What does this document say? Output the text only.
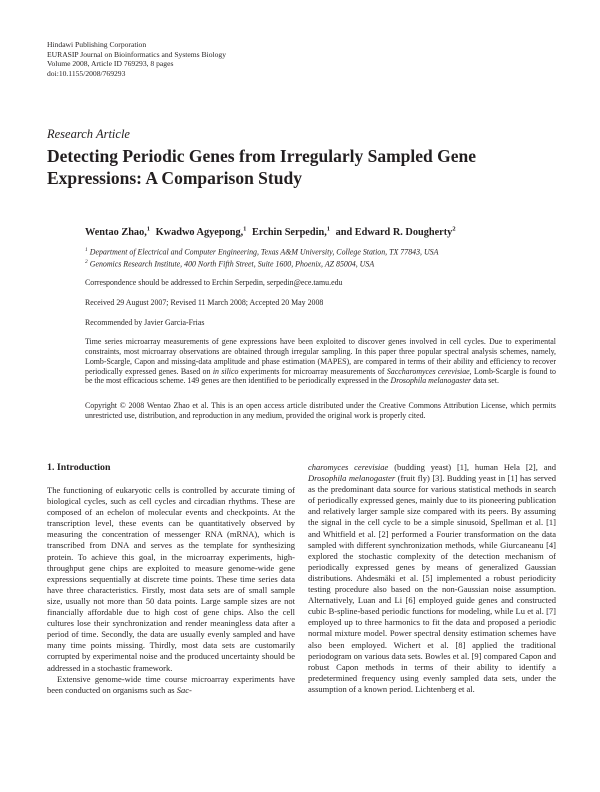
Hindawi Publishing Corporation
EURASIP Journal on Bioinformatics and Systems Biology
Volume 2008, Article ID 769293, 8 pages
doi:10.1155/2008/769293
Research Article
Detecting Periodic Genes from Irregularly Sampled Gene Expressions: A Comparison Study

Wentao Zhao,$^1$ Kwadwo Agyepong,$^1$ Erchin Serpedin,$^1$ and Edward R. Dougherty$^2$

$^1$ Department of Electrical and Computer Engineering, Texas A&M University, College Station, TX 77843, USA

$^2$ Genomics Research Institute, 400 North Fifth Street, Suite 1600, Phoenix, AZ 85004, USA

Correspondence should be addressed to Erchin Serpedin, serpedin@ece.tamu.edu

Received 29 August 2007; Revised 11 March 2008; Accepted 20 May 2008

Recommended by Javier Garcia-Frias

Time series microarray measurements of gene expressions have been exploited to discover genes involved in cell cycles. Due to experimental constraints, most microarray observations are obtained through irregular sampling. In this paper three popular spectral analysis schemes, namely, Lomb-Scargle, Capon and missing-data amplitude and phase estimation (MAPES), are compared in terms of their ability and efficiency to recover periodically expressed genes. Based on in silico experiments for microarray measurements of Saccharomyces cerevisiae, Lomb-Scargle is found to be the most efficacious scheme. 149 genes are then identified to be periodically expressed in the Drosophila melanogaster data set.

Copyright © 2008 Wentao Zhao et al. This is an open access article distributed under the Creative Commons Attribution License, which permits unrestricted use, distribution, and reproduction in any medium, provided the original work is properly cited.

1. Introduction

The functioning of eukaryotic cells is controlled by accurate timing of biological cycles, such as cell cycles and circadian rhythms. These are composed of an echelon of molecular events and checkpoints. At the transcription level, these events can be quantitatively observed by measuring the concentration of messenger RNA (mRNA), which is transcribed from DNA and serves as the template for synthesizing protein. To achieve this goal, in the microarray experiments, high-throughput gene chips are exploited to measure genome-wide gene expressions sequentially at discrete time points. These time series data have three characteristics. Firstly, most data sets are of small sample size, usually not more than 50 data points. Large sample sizes are not financially affordable due to high cost of gene chips. Also the cell cultures lose their synchronization and render meaningless data after a period of time. Secondly, the data are usually evenly sampled and have many time points missing. Thirdly, most data sets are customarily corrupted by experimental noise and the produced uncertainty should be addressed in a stochastic framework.

Extensive genome-wide time course microarray experiments have been conducted on organisms such as Sac-

charomyces cerevisiae (budding yeast) [1], human Hela [2], and Drosophila melanogaster (fruit fly) [3]. Budding yeast in [1] has served as the predominant data source for various statistical methods in search of periodically expressed genes, mainly due to its pioneering publication and relatively larger sample size compared with its peers. By assuming the signal in the cell cycle to be a simple sinusoid, Spellman et al. [1] and Whitfield et al. [2] performed a Fourier transformation on the data sampled with different synchronization methods, while Giurcaneanu [4] explored the stochastic complexity of the detection mechanism of periodically expressed genes by means of generalized Gaussian distributions. Ahdesmäki et al. [5] implemented a robust periodicity testing procedure also based on the non-Gaussian noise assumption. Alternatively, Luan and Li [6] employed guide genes and constructed cubic B-spline-based periodic functions for modeling, while Lu et al. [7] employed up to three harmonics to fit the data and proposed a periodic normal mixture model. Power spectral density estimation schemes have also been employed. Wichert et al. [8] applied the traditional periodogram on various data sets. Bowles et al. [9] compared Capon and robust Capon methods in terms of their ability to identify a predetermined frequency using evenly sampled data sets, under the assumption of a known period. Lichtenberg et al.
